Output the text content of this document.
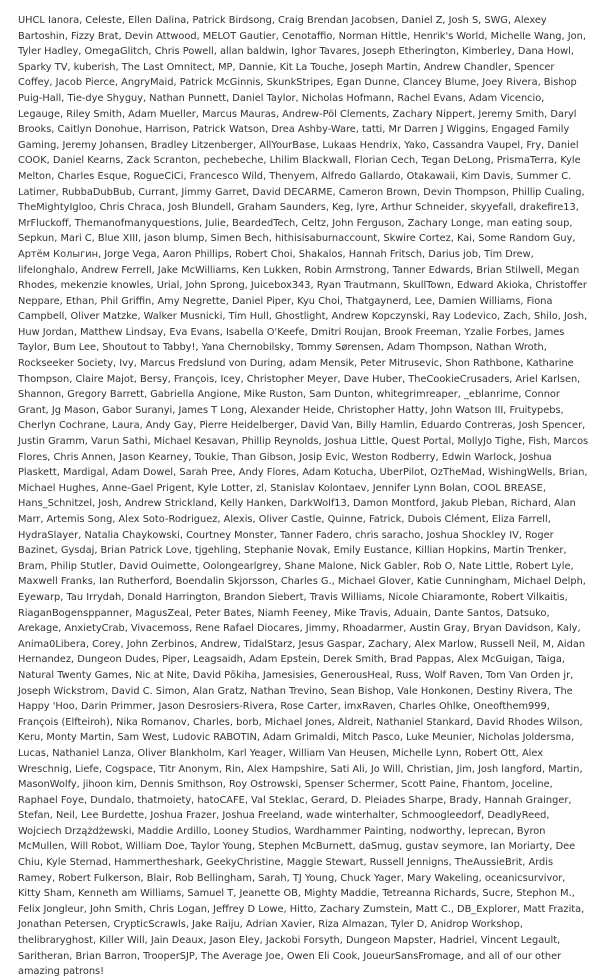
UHCL Ianora, Celeste, Ellen Dalina, Patrick Birdsong, Craig Brendan Jacobsen, Daniel Z, Josh S, SWG, Alexey Bartoshin, Fizzy Brat, Devin Attwood, MELOT Gautier, Cenotaffio, Norman Hittle, Henrik's World, Michelle Wang, Jon, Tyler Hadley, OmegaGlitch, Chris Powell, allan baldwin, Ighor Tavares, Joseph Etherington, Kimberley, Dana Howl, Sparky TV, kuberish, The Last Omnitect, MP, Dannie, Kit La Touche, Joseph Martin, Andrew Chandler, Spencer Coffey, Jacob Pierce, AngryMaid, Patrick McGinnis, SkunkStripes, Egan Dunne, Clancey Blume, Joey Rivera, Bishop Puig-Hall, Tie-dye Shyguy, Nathan Punnett, Daniel Taylor, Nicholas Hofmann, Rachel Evans, Adam Vicencio, Legauge, Riley Smith, Adam Mueller, Marcus Mauras, Andrew-Pöl Clements, Zachary Nippert, Jeremy Smith, Daryl Brooks, Caitlyn Donohue, Harrison, Patrick Watson, Drea Ashby-Ware, tatti, Mr Darren J Wiggins, Engaged Family Gaming, Jeremy Johansen, Bradley Litzenberger, AllYourBase, Lukaas Hendrix, Yako, Cassandra Vaupel, Fry, Daniel COOK, Daniel Kearns, Zack Scranton, pechebeche, Lhilim Blackwall, Florian Cech, Tegan DeLong, PrismaTerra, Kyle Melton, Charles Esque, RogueCiCi, Francesco Wild, Thenyem, Alfredo Gallardo, Otakawaii, Kim Davis, Summer C. Latimer, RubbaDubBub, Currant, Jimmy Garret, David DECARME, Cameron Brown, Devin Thompson, Phillip Cualing, TheMightyIgloo, Chris Chraca, Josh Blundell, Graham Saunders, Keg, lyre, Arthur Schneider, skyyefall, drakefire13, MrFluckoff, Themanofmanyquestions, Julie, BeardedTech, Celtz, John Ferguson, Zachary Longe, man eating soup, Sepkun, Mari C, Blue XIII, jason blump, Simen Bech, hithisisaburnaccount, Skwire Cortez, Kai, Some Random Guy, Артём Колыгин, Jorge Vega, Aaron Phillips, Robert Choi, Shakalos, Hannah Fritsch, Darius job, Tim Drew, lifelonghalo, Andrew Ferrell, Jake McWilliams, Ken Lukken, Robin Armstrong, Tanner Edwards, Brian Stilwell, Megan Rhodes, mekenzie knowles, Urial, John Sprong, Juicebox343, Ryan Trautmann, SkullTown, Edward Akioka, Christoffer Neppare, Ethan, Phil Griffin, Amy Negrette, Daniel Piper, Kyu Choi, Thatgaynerd, Lee, Damien Williams, Fiona Campbell, Oliver Matzke, Walker Musnicki, Tim Hull, Ghostlight, Andrew Kopczynski, Ray Lodevico, Zach, Shilo, Josh, Huw Jordan, Matthew Lindsay, Eva Evans, Isabella O'Keefe, Dmitri Roujan, Brook Freeman, Yzalie Forbes, James Taylor, Bum Lee, Shoutout to Tabby!, Yana Chernobilsky, Tommy Sørensen, Adam Thompson, Nathan Wroth, Rockseeker Society, Ivy, Marcus Fredslund von During, adam Mensik, Peter Mitrusevic, Shon Rathbone, Katharine Thompson, Claire Majot, Bersy, François, Icey, Christopher Meyer, Dave Huber, TheCookieCrusaders, Ariel Karlsen, Shannon, Gregory Barrett, Gabriella Angione, Mike Ruston, Sam Dunton, whitegrimreaper, _eblanrime, Connor Grant, Jg Mason, Gabor Suranyi, James T Long, Alexander Heide, Christopher Hatty, John Watson III, Fruitypebs, Cherlyn Cochrane, Laura, Andy Gay, Pierre Heidelberger, David Van, Billy Hamlin, Eduardo Contreras, Josh Spencer, Justin Gramm, Varun Sathi, Michael Kesavan, Phillip Reynolds, Joshua Little, Quest Portal, MollyJo Tighe, Fish, Marcos Flores, Chris Annen, Jason Kearney, Toukie, Than Gibson, Josip Evic, Weston Rodberry, Edwin Warlock, Joshua Plaskett, Mardigal, Adam Dowel, Sarah Pree, Andy Flores, Adam Kotucha, UberPilot, OzTheMad, WishingWells, Brian, Michael Hughes, Anne-Gael Prigent, Kyle Lotter, zl, Stanislav Kolontaev, Jennifer Lynn Bolan, COOL BREASE, Hans_Schnitzel, Josh, Andrew Strickland, Kelly Hanken, DarkWolf13, Damon Montford, Jakub Pleban, Richard, Alan Marr, Artemis Song, Alex Soto-Rodriguez, Alexis, Oliver Castle, Quinne, Fatrick, Dubois Clément, Eliza Farrell, HydraSlayer, Natalia Chaykowski, Courtney Monster, Tanner Fadero, chris saracho, Joshua Shockley IV, Roger Bazinet, Gysdaj, Brian Patrick Love, tjgehling, Stephanie Novak, Emily Eustance, Killian Hopkins, Martin Trenker, Bram, Philip Stutler, David Ouimette, Oolongearlgrey, Shane Malone, Nick Gabler, Rob O, Nate Little, Robert Lyle, Maxwell Franks, Ian Rutherford, Boendalin Skjorsson, Charles G., Michael Glover, Katie Cunningham, Michael Delph, Eyewarp, Tau Irrydah, Donald Harrington, Brandon Siebert, Travis Williams, Nicole Chiaramonte, Robert Vilkaitis, RiaganBogensppanner, MagusZeal, Peter Bates, Niamh Feeney, Mike Travis, Aduain, Dante Santos, Datsuko, Arekage, AnxietyCrab, Vivacemoss, Rene Rafael Diocares, Jimmy, Rhoadarmer, Austin Gray, Bryan Davidson, Kaly, Anima0Libera, Corey, John Zerbinos, Andrew, TidalStarz, Jesus Gaspar, Zachary, Alex Marlow, Russell Neil, M, Aidan Hernandez, Dungeon Dudes, Piper, Leagsaidh, Adam Epstein, Derek Smith, Brad Pappas, Alex McGuigan, Taiga, Natural Twenty Games, Nic at Nite, David Pōkiha, Jamesisies, GenerousHeal, Russ, Wolf Raven, Tom Van Orden jr, Joseph Wickstrom, David C. Simon, Alan Gratz, Nathan Trevino, Sean Bishop, Vale Honkonen, Destiny Rivera, The Happy 'Hoo, Darin Primmer, Jason Desrosiers-Rivera, Rose Carter, imxRaven, Charles Ohlke, Oneofthem999, François (Elfteiroh), Nika Romanov, Charles, borb, Michael Jones, Aldreit, Nathaniel Stankard, David Rhodes Wilson, Keru, Monty Martin, Sam West, Ludovic RABOTIN, Adam Grimaldi, Mitch Pasco, Luke Meunier, Nicholas Joldersma, Lucas, Nathaniel Lanza, Oliver Blankholm, Karl Yeager, William Van Heusen, Michelle Lynn, Robert Ott, Alex Wreschnig, Liefe, Cogspace, Titr Anonym, Rin, Alex Hampshire, Sati Ali, Jo Will, Christian, Jim, Josh langford, Martin, MasonWolfy, jihoon kim, Dennis Smithson, Roy Ostrowski, Spenser Schermer, Scott Paine, Fhantom, Joceline, Raphael Foye, Dundalo, thatmoiety, hatoCAFE, Val Steklac, Gerard, D. Pleiades Sharpe, Brady, Hannah Grainger, Stefan, Neil, Lee Burdette, Joshua Frazer, Joshua Freeland, wade winterhalter, Schmoogleedorf, DeadlyReed, Wojciech Drzążdżewski, Maddie Ardillo, Looney Studios, Wardhammer Painting, nodworthy, leprecan, Byron McMullen, Will Robot, William Doe, Taylor Young, Stephen McBurnett, daSmug, gustav seymore, Ian Moriarty, Dee Chiu, Kyle Sternad, Hammertheshark, GeekyChristine, Maggie Stewart, Russell Jennigns, TheAussieBrit, Ardis Ramey, Robert Fulkerson, Blair, Rob Bellingham, Sarah, TJ Young, Chuck Yager, Mary Wakeling, oceanicsurvivor, Kitty Sham, Kenneth am Williams, Samuel T, Jeanette OB, Mighty Maddie, Tetreanna Richards, Sucre, Stephon M., Felix Jongleur, John Smith, Chris Logan, Jeffrey D Lowe, Hitto, Zachary Zumstein, Matt C., DB_Explorer, Matt Frazita, Jonathan Petersen, CrypticScrawls, Jake Raiju, Adrian Xavier, Riza Almazan, Tyler D, Anidrop Workshop, thelibraryghost, Killer Will, Jain Deaux, Jason Eley, Jackobi Forsyth, Dungeon Mapster, Hadriel, Vincent Legault, Saritheran, Brian Barron, TrooperSJP, The Average Joe, Owen Eli Cook, JoueurSansFromage, and all of our other amazing patrons!
